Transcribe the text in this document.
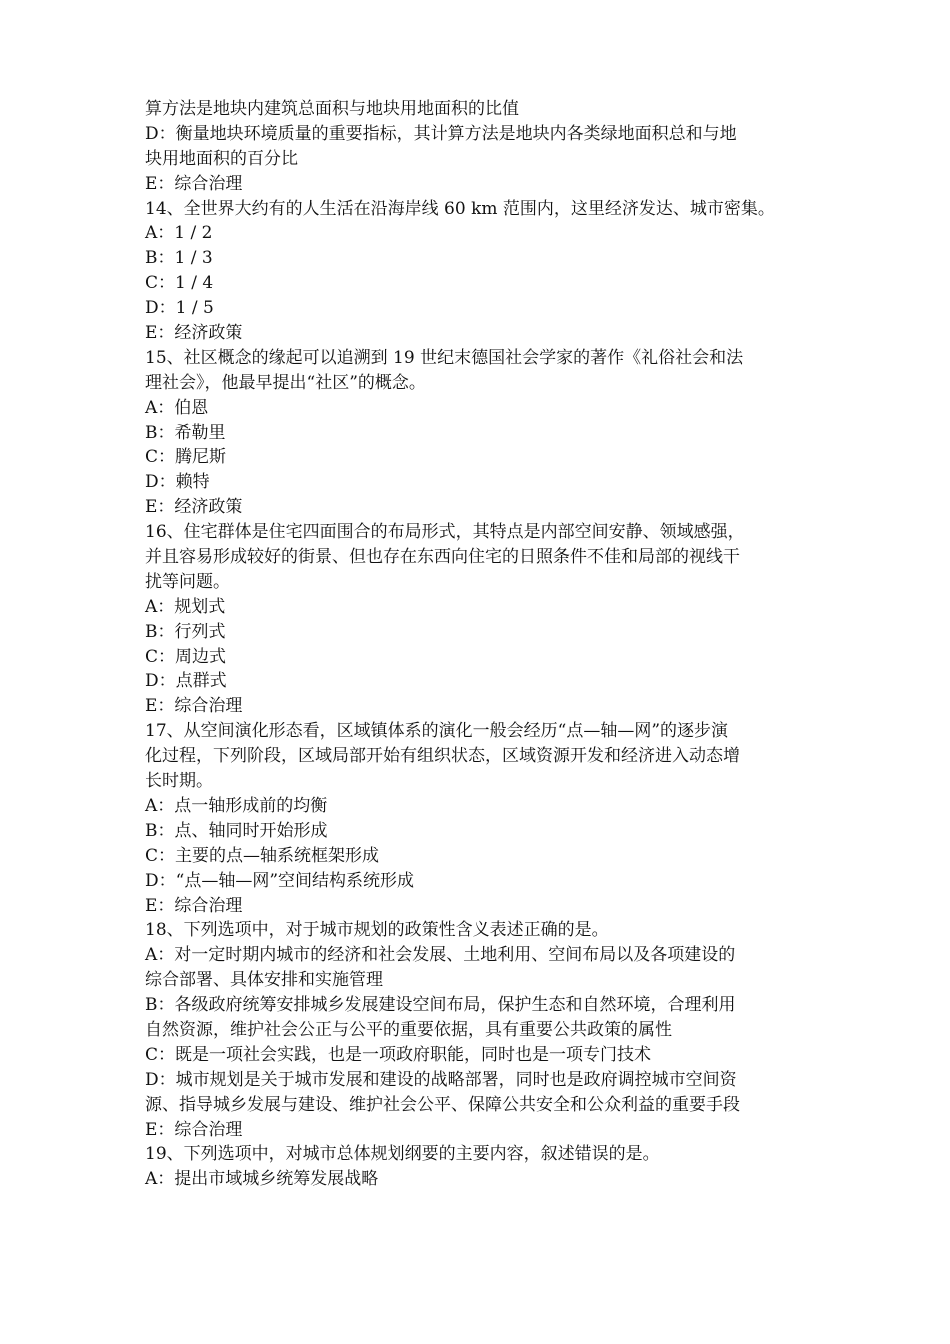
算方法是地块内建筑总面积与地块用地面积的比值
D：衡量地块环境质量的重要指标，其计算方法是地块内各类绿地面积总和与地
块用地面积的百分比
E：综合治理
14、全世界大约有的人生活在沿海岸线 60 km 范围内，这里经济发达、城市密集。
A：1 / 2
B：1 / 3
C：1 / 4
D：1 / 5
E：经济政策
15、社区概念的缘起可以追溯到 19 世纪末德国社会学家的著作《礼俗社会和法
理社会》，他最早提出“社区”的概念。
A：伯恩
B：希勒里
C：腾尼斯
D：赖特
E：经济政策
16、住宅群体是住宅四面围合的布局形式，其特点是内部空间安静、领域感强，
并且容易形成较好的街景、但也存在东西向住宅的日照条件不佳和局部的视线干
扰等问题。
A：规划式
B：行列式
C：周边式
D：点群式
E：综合治理
17、从空间演化形态看，区域镇体系的演化一般会经历“点—轴—网”的逐步演
化过程，下列阶段，区域局部开始有组织状态，区域资源开发和经济进入动态增
长时期。
A：点一轴形成前的均衡
B：点、轴同时开始形成
C：主要的点—轴系统框架形成
D：“点—轴—网”空间结构系统形成
E：综合治理
18、下列选项中，对于城市规划的政策性含义表述正确的是。
A：对一定时期内城市的经济和社会发展、土地利用、空间布局以及各项建设的
综合部署、具体安排和实施管理
B：各级政府统筹安排城乡发展建设空间布局，保护生态和自然环境，合理利用
自然资源，维护社会公正与公平的重要依据，具有重要公共政策的属性
C：既是一项社会实践，也是一项政府职能，同时也是一项专门技术
D：城市规划是关于城市发展和建设的战略部署，同时也是政府调控城市空间资
源、指导城乡发展与建设、维护社会公平、保障公共安全和公众利益的重要手段
E：综合治理
19、下列选项中，对城市总体规划纲要的主要内容，叙述错误的是。
A：提出市域城乡统筹发展战略
